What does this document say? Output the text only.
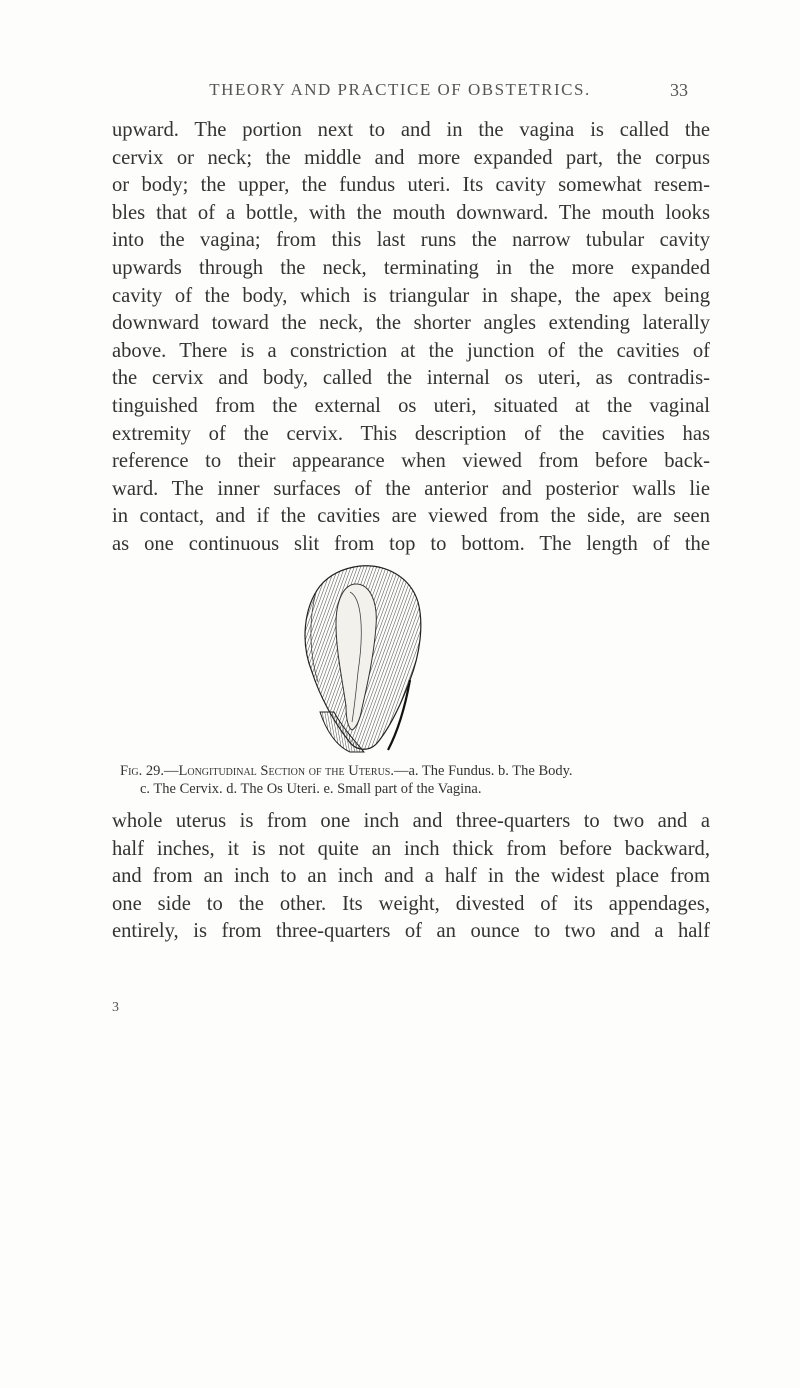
THEORY AND PRACTICE OF OBSTETRICS.	33
upward. The portion next to and in the vagina is called the
cervix or neck; the middle and more expanded part, the corpus
or body; the upper, the fundus uteri. Its cavity somewhat resem-
bles that of a bottle, with the mouth downward. The mouth looks
into the vagina; from this last runs the narrow tubular cavity
upwards through the neck, terminating in the more expanded
cavity of the body, which is triangular in shape, the apex being
downward toward the neck, the shorter angles extending laterally
above. There is a constriction at the junction of the cavities of
the cervix and body, called the internal os uteri, as contradis-
tinguished from the external os uteri, situated at the vaginal
extremity of the cervix. This description of the cavities has
reference to their appearance when viewed from before back-
ward. The inner surfaces of the anterior and posterior walls lie
in contact, and if the cavities are viewed from the side, are seen
as one continuous slit from top to bottom. The length of the
Fig. 29.—Longitudinal Section of the Uterus.—a. The Fundus. b. The Body.
c. The Cervix. d. The Os Uteri. e. Small part of the Vagina.
whole uterus is from one inch and three-quarters to two and a
half inches, it is not quite an inch thick from before backward,
and from an inch to an inch and a half in the widest place from
one side to the other. Its weight, divested of its appendages,
entirely, is from three-quarters of an ounce to two and a half
3
